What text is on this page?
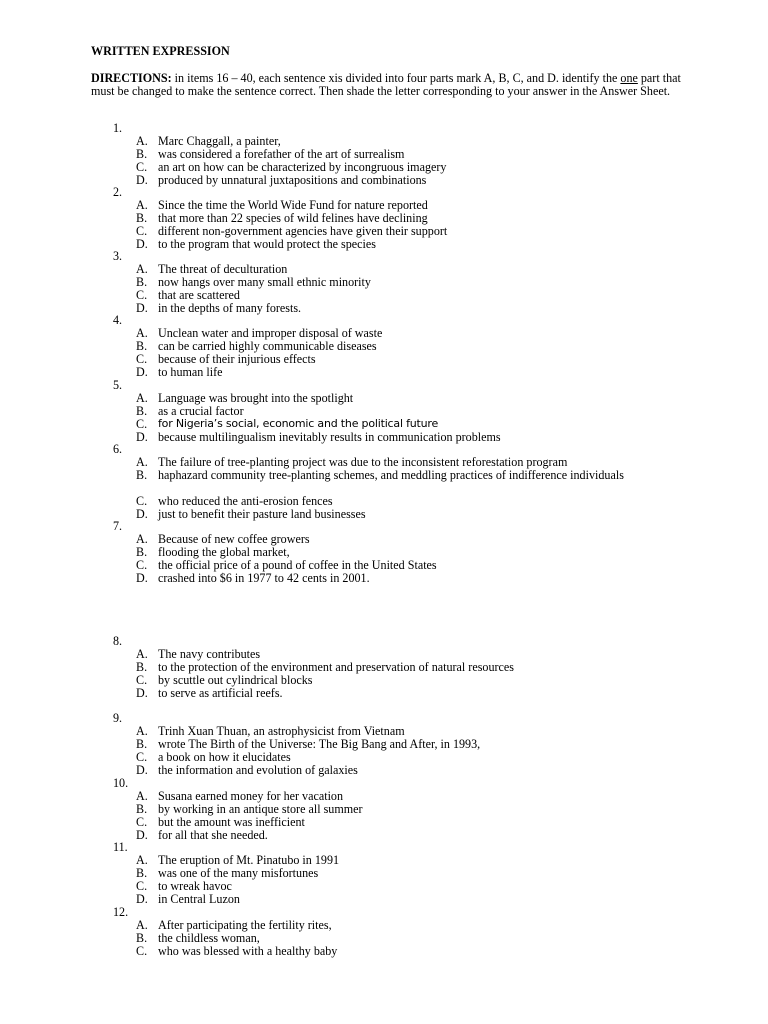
WRITTEN EXPRESSION
DIRECTIONS: in items 16 – 40, each sentence xis divided into four parts mark A, B, C, and D. identify the one part that must be changed to make the sentence correct. Then shade the letter corresponding to your answer in the Answer Sheet.
1.
A. Marc Chaggall, a painter,
B. was considered a forefather of the art of surrealism
C. an art on how can be characterized by incongruous imagery
D. produced by unnatural juxtapositions and combinations
2.
A. Since the time the World Wide Fund for nature reported
B. that more than 22 species of wild felines have declining
C. different non-government agencies have given their support
D. to the program that would protect the species
3.
A. The threat of deculturation
B. now hangs over many small ethnic minority
C. that are scattered
D. in the depths of many forests.
4.
A. Unclean water and improper disposal of waste
B. can be carried highly communicable diseases
C. because of their injurious effects
D. to human life
5.
A. Language was brought into the spotlight
B. as a crucial factor
C. for Nigeria’s social, economic and the political future
D. because multilingualism inevitably results in communication problems
6.
A. The failure of tree-planting project was due to the inconsistent reforestation program
B. haphazard community tree-planting schemes, and meddling practices of indifference individuals
C. who reduced the anti-erosion fences
D. just to benefit their pasture land businesses
7.
A. Because of new coffee growers
B. flooding the global market,
C. the official price of a pound of coffee in the United States
D. crashed into $6 in 1977 to 42 cents in 2001.
8.
A. The navy contributes
B. to the protection of the environment and preservation of natural resources
C. by scuttle out cylindrical blocks
D. to serve as artificial reefs.
9.
A. Trinh Xuan Thuan, an astrophysicist from Vietnam
B. wrote The Birth of the Universe: The Big Bang and After, in 1993,
C. a book on how it elucidates
D. the information and evolution of galaxies
10.
A. Susana earned money for her vacation
B. by working in an antique store all summer
C. but the amount was inefficient
D. for all that she needed.
11.
A. The eruption of Mt. Pinatubo in 1991
B. was one of the many misfortunes
C. to wreak havoc
D. in Central Luzon
12.
A. After participating the fertility rites,
B. the childless woman,
C. who was blessed with a healthy baby
